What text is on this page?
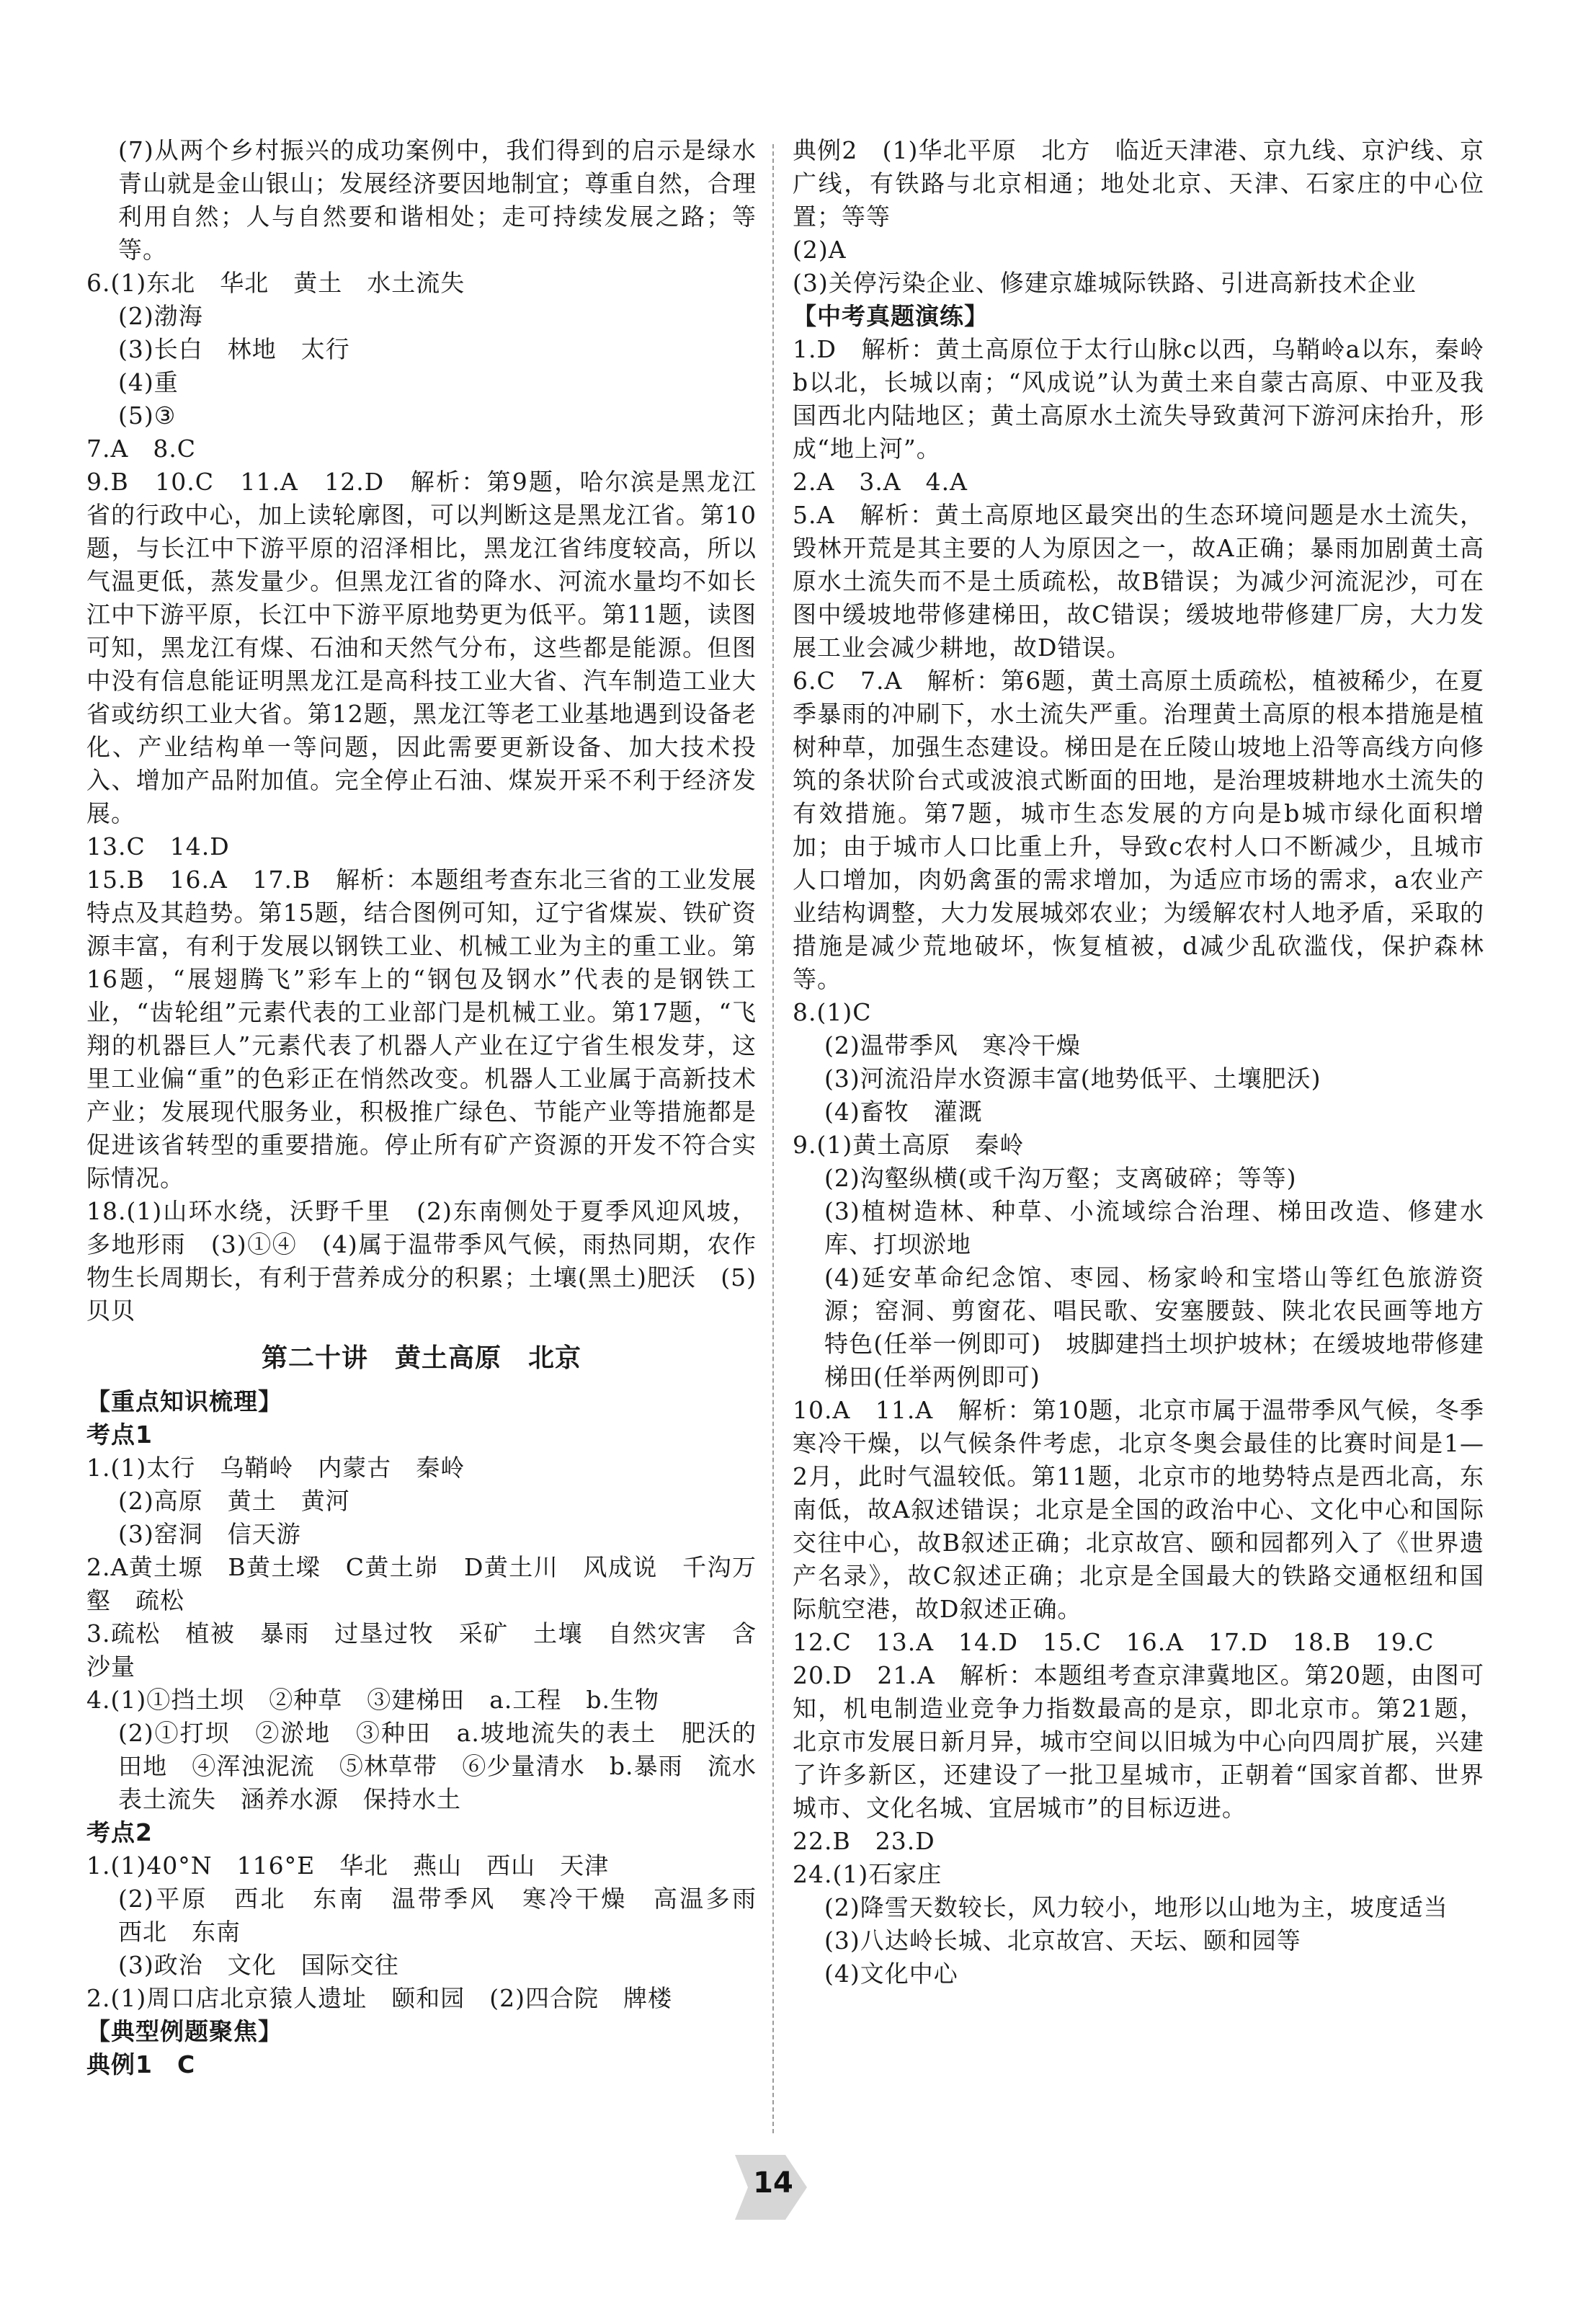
(7)从两个乡村振兴的成功案例中，我们得到的启示是绿水青山就是金山银山；发展经济要因地制宜；尊重自然，合理利用自然；人与自然要和谐相处；走可持续发展之路；等等。

6.(1)东北　华北　黄土　水土流失

(2)渤海

(3)长白　林地　太行

(4)重

(5)③

7.A　8.C

9.B　10.C　11.A　12.D　解析：第9题，哈尔滨是黑龙江省的行政中心，加上读轮廓图，可以判断这是黑龙江省。第10题，与长江中下游平原的沼泽相比，黑龙江省纬度较高，所以气温更低，蒸发量少。但黑龙江省的降水、河流水量均不如长江中下游平原，长江中下游平原地势更为低平。第11题，读图可知，黑龙江有煤、石油和天然气分布，这些都是能源。但图中没有信息能证明黑龙江是高科技工业大省、汽车制造工业大省或纺织工业大省。第12题，黑龙江等老工业基地遇到设备老化、产业结构单一等问题，因此需要更新设备、加大技术投入、增加产品附加值。完全停止石油、煤炭开采不利于经济发展。

13.C　14.D

15.B　16.A　17.B　解析：本题组考查东北三省的工业发展特点及其趋势。第15题，结合图例可知，辽宁省煤炭、铁矿资源丰富，有利于发展以钢铁工业、机械工业为主的重工业。第16题，“展翅腾飞”彩车上的“钢包及钢水”代表的是钢铁工业，“齿轮组”元素代表的工业部门是机械工业。第17题，“飞翔的机器巨人”元素代表了机器人产业在辽宁省生根发芽，这里工业偏“重”的色彩正在悄然改变。机器人工业属于高新技术产业；发展现代服务业，积极推广绿色、节能产业等措施都是促进该省转型的重要措施。停止所有矿产资源的开发不符合实际情况。

18.(1)山环水绕，沃野千里　(2)东南侧处于夏季风迎风坡，多地形雨　(3)①④　(4)属于温带季风气候，雨热同期，农作物生长周期长，有利于营养成分的积累；土壤(黑土)肥沃　(5)贝贝

第二十讲　黄土高原　北京

【重点知识梳理】

考点1

1.(1)太行　乌鞘岭　内蒙古　秦岭

(2)高原　黄土　黄河

(3)窑洞　信天游

2.A黄土塬　B黄土墚　C黄土峁　D黄土川　风成说　千沟万壑　疏松

3.疏松　植被　暴雨　过垦过牧　采矿　土壤　自然灾害　含沙量

4.(1)①挡土坝　②种草　③建梯田　a.工程　b.生物

(2)①打坝　②淤地　③种田　a.坡地流失的表土　肥沃的田地　④浑浊泥流　⑤林草带　⑥少量清水　b.暴雨　流水　表土流失　涵养水源　保持水土

考点2

1.(1)40°N　116°E　华北　燕山　西山　天津

(2)平原　西北　东南　温带季风　寒冷干燥　高温多雨　西北　东南

(3)政治　文化　国际交往

2.(1)周口店北京猿人遗址　颐和园　(2)四合院　牌楼

【典型例题聚焦】

典例1　C

典例2　(1)华北平原　北方　临近天津港、京九线、京沪线、京广线，有铁路与北京相通；地处北京、天津、石家庄的中心位置；等等

(2)A

(3)关停污染企业、修建京雄城际铁路、引进高新技术企业

【中考真题演练】

1.D　解析：黄土高原位于太行山脉c以西，乌鞘岭a以东，秦岭b以北，长城以南；“风成说”认为黄土来自蒙古高原、中亚及我国西北内陆地区；黄土高原水土流失导致黄河下游河床抬升，形成“地上河”。

2.A　3.A　4.A

5.A　解析：黄土高原地区最突出的生态环境问题是水土流失，毁林开荒是其主要的人为原因之一，故A正确；暴雨加剧黄土高原水土流失而不是土质疏松，故B错误；为减少河流泥沙，可在图中缓坡地带修建梯田，故C错误；缓坡地带修建厂房，大力发展工业会减少耕地，故D错误。

6.C　7.A　解析：第6题，黄土高原土质疏松，植被稀少，在夏季暴雨的冲刷下，水土流失严重。治理黄土高原的根本措施是植树种草，加强生态建设。梯田是在丘陵山坡地上沿等高线方向修筑的条状阶台式或波浪式断面的田地，是治理坡耕地水土流失的有效措施。第7题，城市生态发展的方向是b城市绿化面积增加；由于城市人口比重上升，导致c农村人口不断减少，且城市人口增加，肉奶禽蛋的需求增加，为适应市场的需求，a农业产业结构调整，大力发展城郊农业；为缓解农村人地矛盾，采取的措施是减少荒地破坏，恢复植被，d减少乱砍滥伐，保护森林等。

8.(1)C

(2)温带季风　寒冷干燥

(3)河流沿岸水资源丰富(地势低平、土壤肥沃)

(4)畜牧　灌溉

9.(1)黄土高原　秦岭

(2)沟壑纵横(或千沟万壑；支离破碎；等等)

(3)植树造林、种草、小流域综合治理、梯田改造、修建水库、打坝淤地

(4)延安革命纪念馆、枣园、杨家岭和宝塔山等红色旅游资源；窑洞、剪窗花、唱民歌、安塞腰鼓、陕北农民画等地方特色(任举一例即可)　坡脚建挡土坝护坡林；在缓坡地带修建梯田(任举两例即可)

10.A　11.A　解析：第10题，北京市属于温带季风气候，冬季寒冷干燥，以气候条件考虑，北京冬奥会最佳的比赛时间是1—2月，此时气温较低。第11题，北京市的地势特点是西北高，东南低，故A叙述错误；北京是全国的政治中心、文化中心和国际交往中心，故B叙述正确；北京故宫、颐和园都列入了《世界遗产名录》，故C叙述正确；北京是全国最大的铁路交通枢纽和国际航空港，故D叙述正确。

12.C　13.A　14.D　15.C　16.A　17.D　18.B　19.C

20.D　21.A　解析：本题组考查京津冀地区。第20题，由图可知，机电制造业竞争力指数最高的是京，即北京市。第21题，北京市发展日新月异，城市空间以旧城为中心向四周扩展，兴建了许多新区，还建设了一批卫星城市，正朝着“国家首都、世界城市、文化名城、宜居城市”的目标迈进。

22.B　23.D

24.(1)石家庄

(2)降雪天数较长，风力较小，地形以山地为主，坡度适当

(3)八达岭长城、北京故宫、天坛、颐和园等

(4)文化中心

14
